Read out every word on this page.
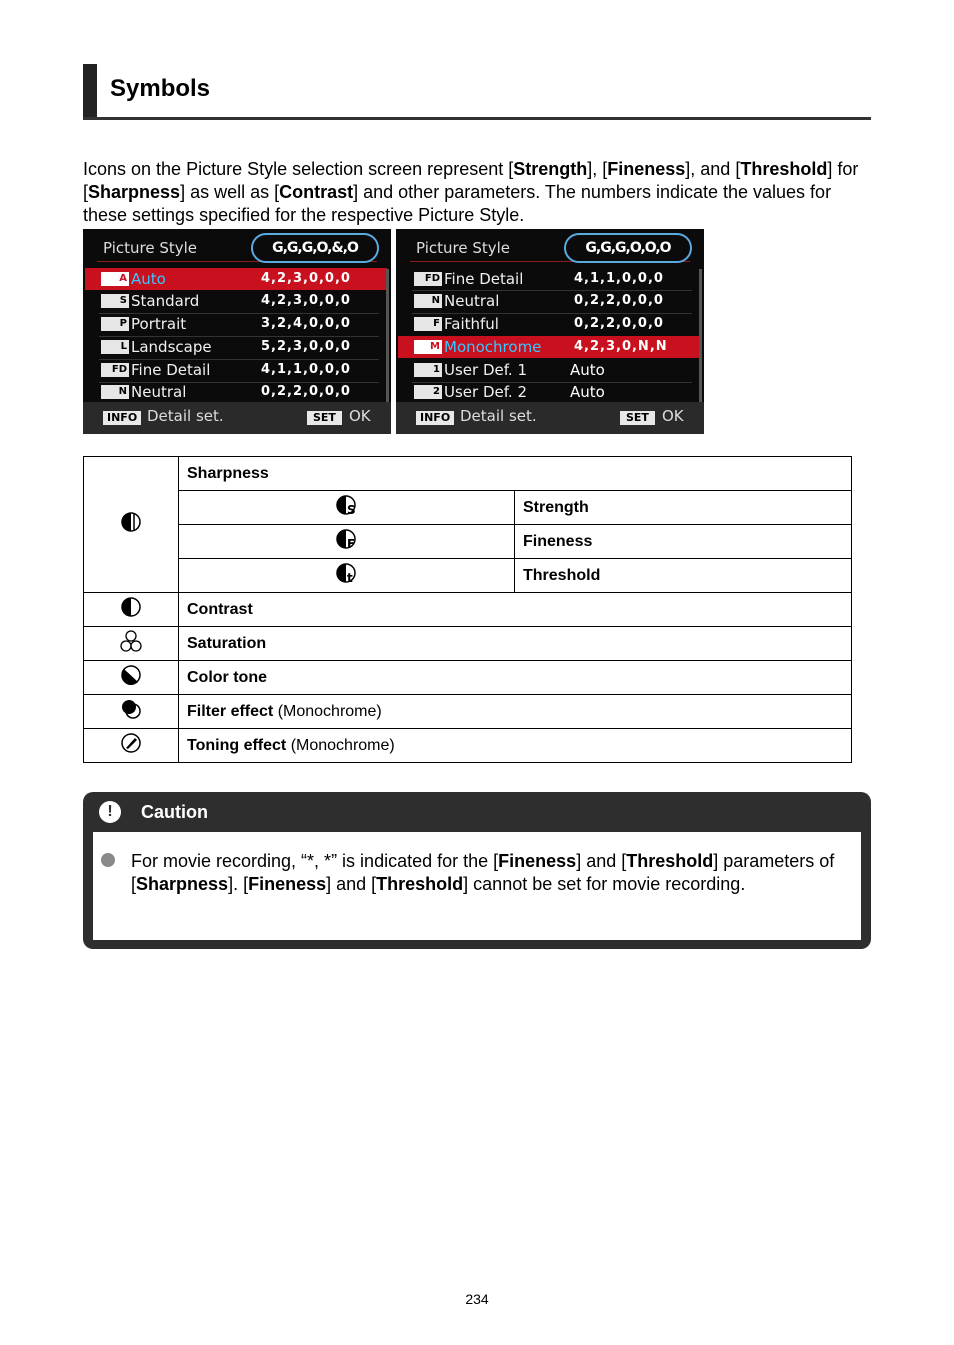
Symbols

Icons on the Picture Style selection screen represent [Strength], [Fineness], and [Threshold] for [Sharpness] as well as [Contrast] and other parameters. The numbers indicate the values for these settings specified for the respective Picture Style.

Picture Style	G,G,G,O,&,O
A Auto	4,2,3,0,0,0
S Standard	4,2,3,0,0,0
P Portrait	3,2,4,0,0,0
L Landscape	5,2,3,0,0,0
FD Fine Detail	4,1,1,0,0,0
N Neutral	0,2,2,0,0,0
INFO Detail set.	SET OK
Picture Style	G,G,G,O,O,O
FD Fine Detail	4,1,1,0,0,0
N Neutral	0,2,2,0,0,0
F Faithful	0,2,2,0,0,0
M Monochrome	4,2,3,0,N,N
1 User Def. 1	Auto
2 User Def. 2	Auto
INFO Detail set.	SET OK
	Sharpness	

S	Strength

F	Fineness

t	Threshold
	Contrast	
	Saturation	
	Color tone	
	Filter effect (Monochrome)	
	Toning effect (Monochrome)	
!	Caution

For movie recording, “*, *” is indicated for the [Fineness] and [Threshold] parameters of [Sharpness]. [Fineness] and [Threshold] cannot be set for movie recording.

234
